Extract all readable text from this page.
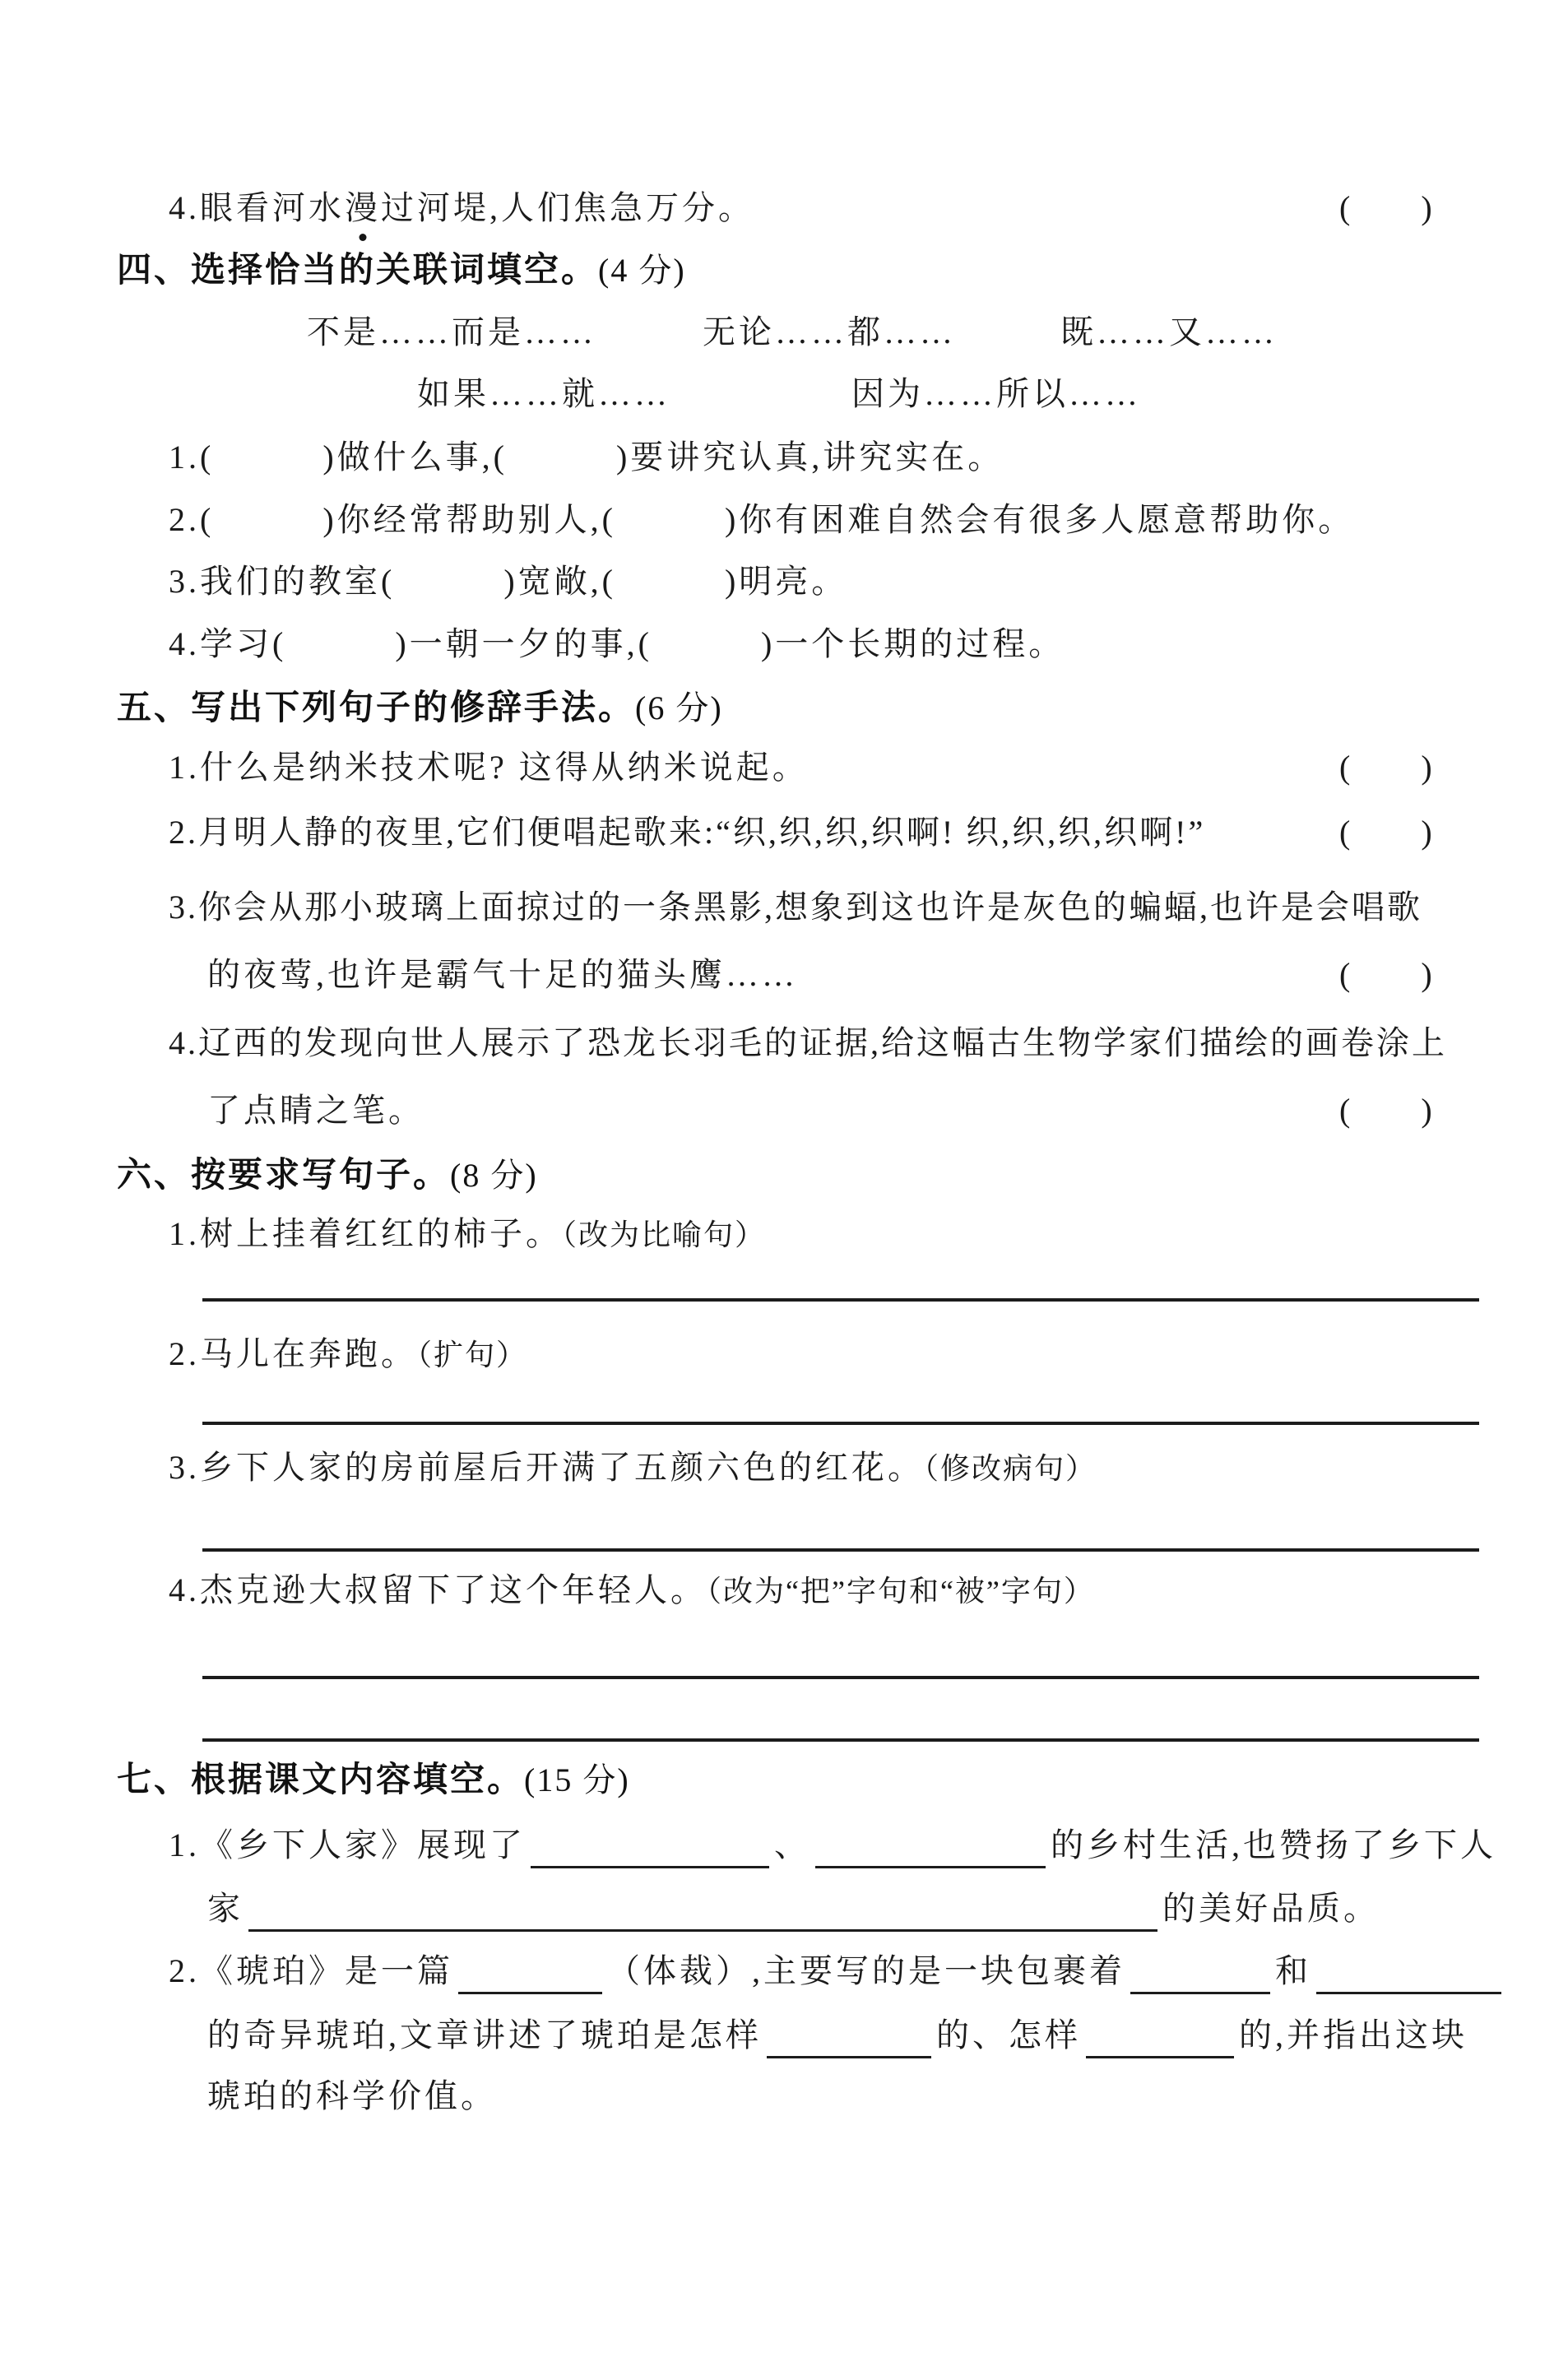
4.眼看河水漫过河堤,人们焦急万分。	(　　)
四、选择恰当的关联词填空。(4 分)
不是……而是……	无论……都……	既……又……
如果……就……	因为……所以……
1.(　　　)做什么事,(　　　)要讲究认真,讲究实在。
2.(　　　)你经常帮助别人,(　　　)你有困难自然会有很多人愿意帮助你。
3.我们的教室(　　　)宽敞,(　　　)明亮。
4.学习(　　　)一朝一夕的事,(　　　)一个长期的过程。
五、写出下列句子的修辞手法。(6 分)
1.什么是纳米技术呢? 这得从纳米说起。	(　　)
2.月明人静的夜里,它们便唱起歌来:“织,织,织,织啊! 织,织,织,织啊!”	(　　)
3.你会从那小玻璃上面掠过的一条黑影,想象到这也许是灰色的蝙蝠,也许是会唱歌
的夜莺,也许是霸气十足的猫头鹰……	(　　)
4.辽西的发现向世人展示了恐龙长羽毛的证据,给这幅古生物学家们描绘的画卷涂上
了点睛之笔。	(　　)
六、按要求写句子。(8 分)
1.树上挂着红红的柿子。（改为比喻句）
2.马儿在奔跑。（扩句）
3.乡下人家的房前屋后开满了五颜六色的红花。（修改病句）
4.杰克逊大叔留下了这个年轻人。（改为“把”字句和“被”字句）
七、根据课文内容填空。(15 分)
1.《乡下人家》展现了	、	的乡村生活,也赞扬了乡下人
家	的美好品质。
2.《琥珀》是一篇	（体裁）,主要写的是一块包裹着	和
的奇异琥珀,文章讲述了琥珀是怎样	的、怎样	的,并指出这块
琥珀的科学价值。
